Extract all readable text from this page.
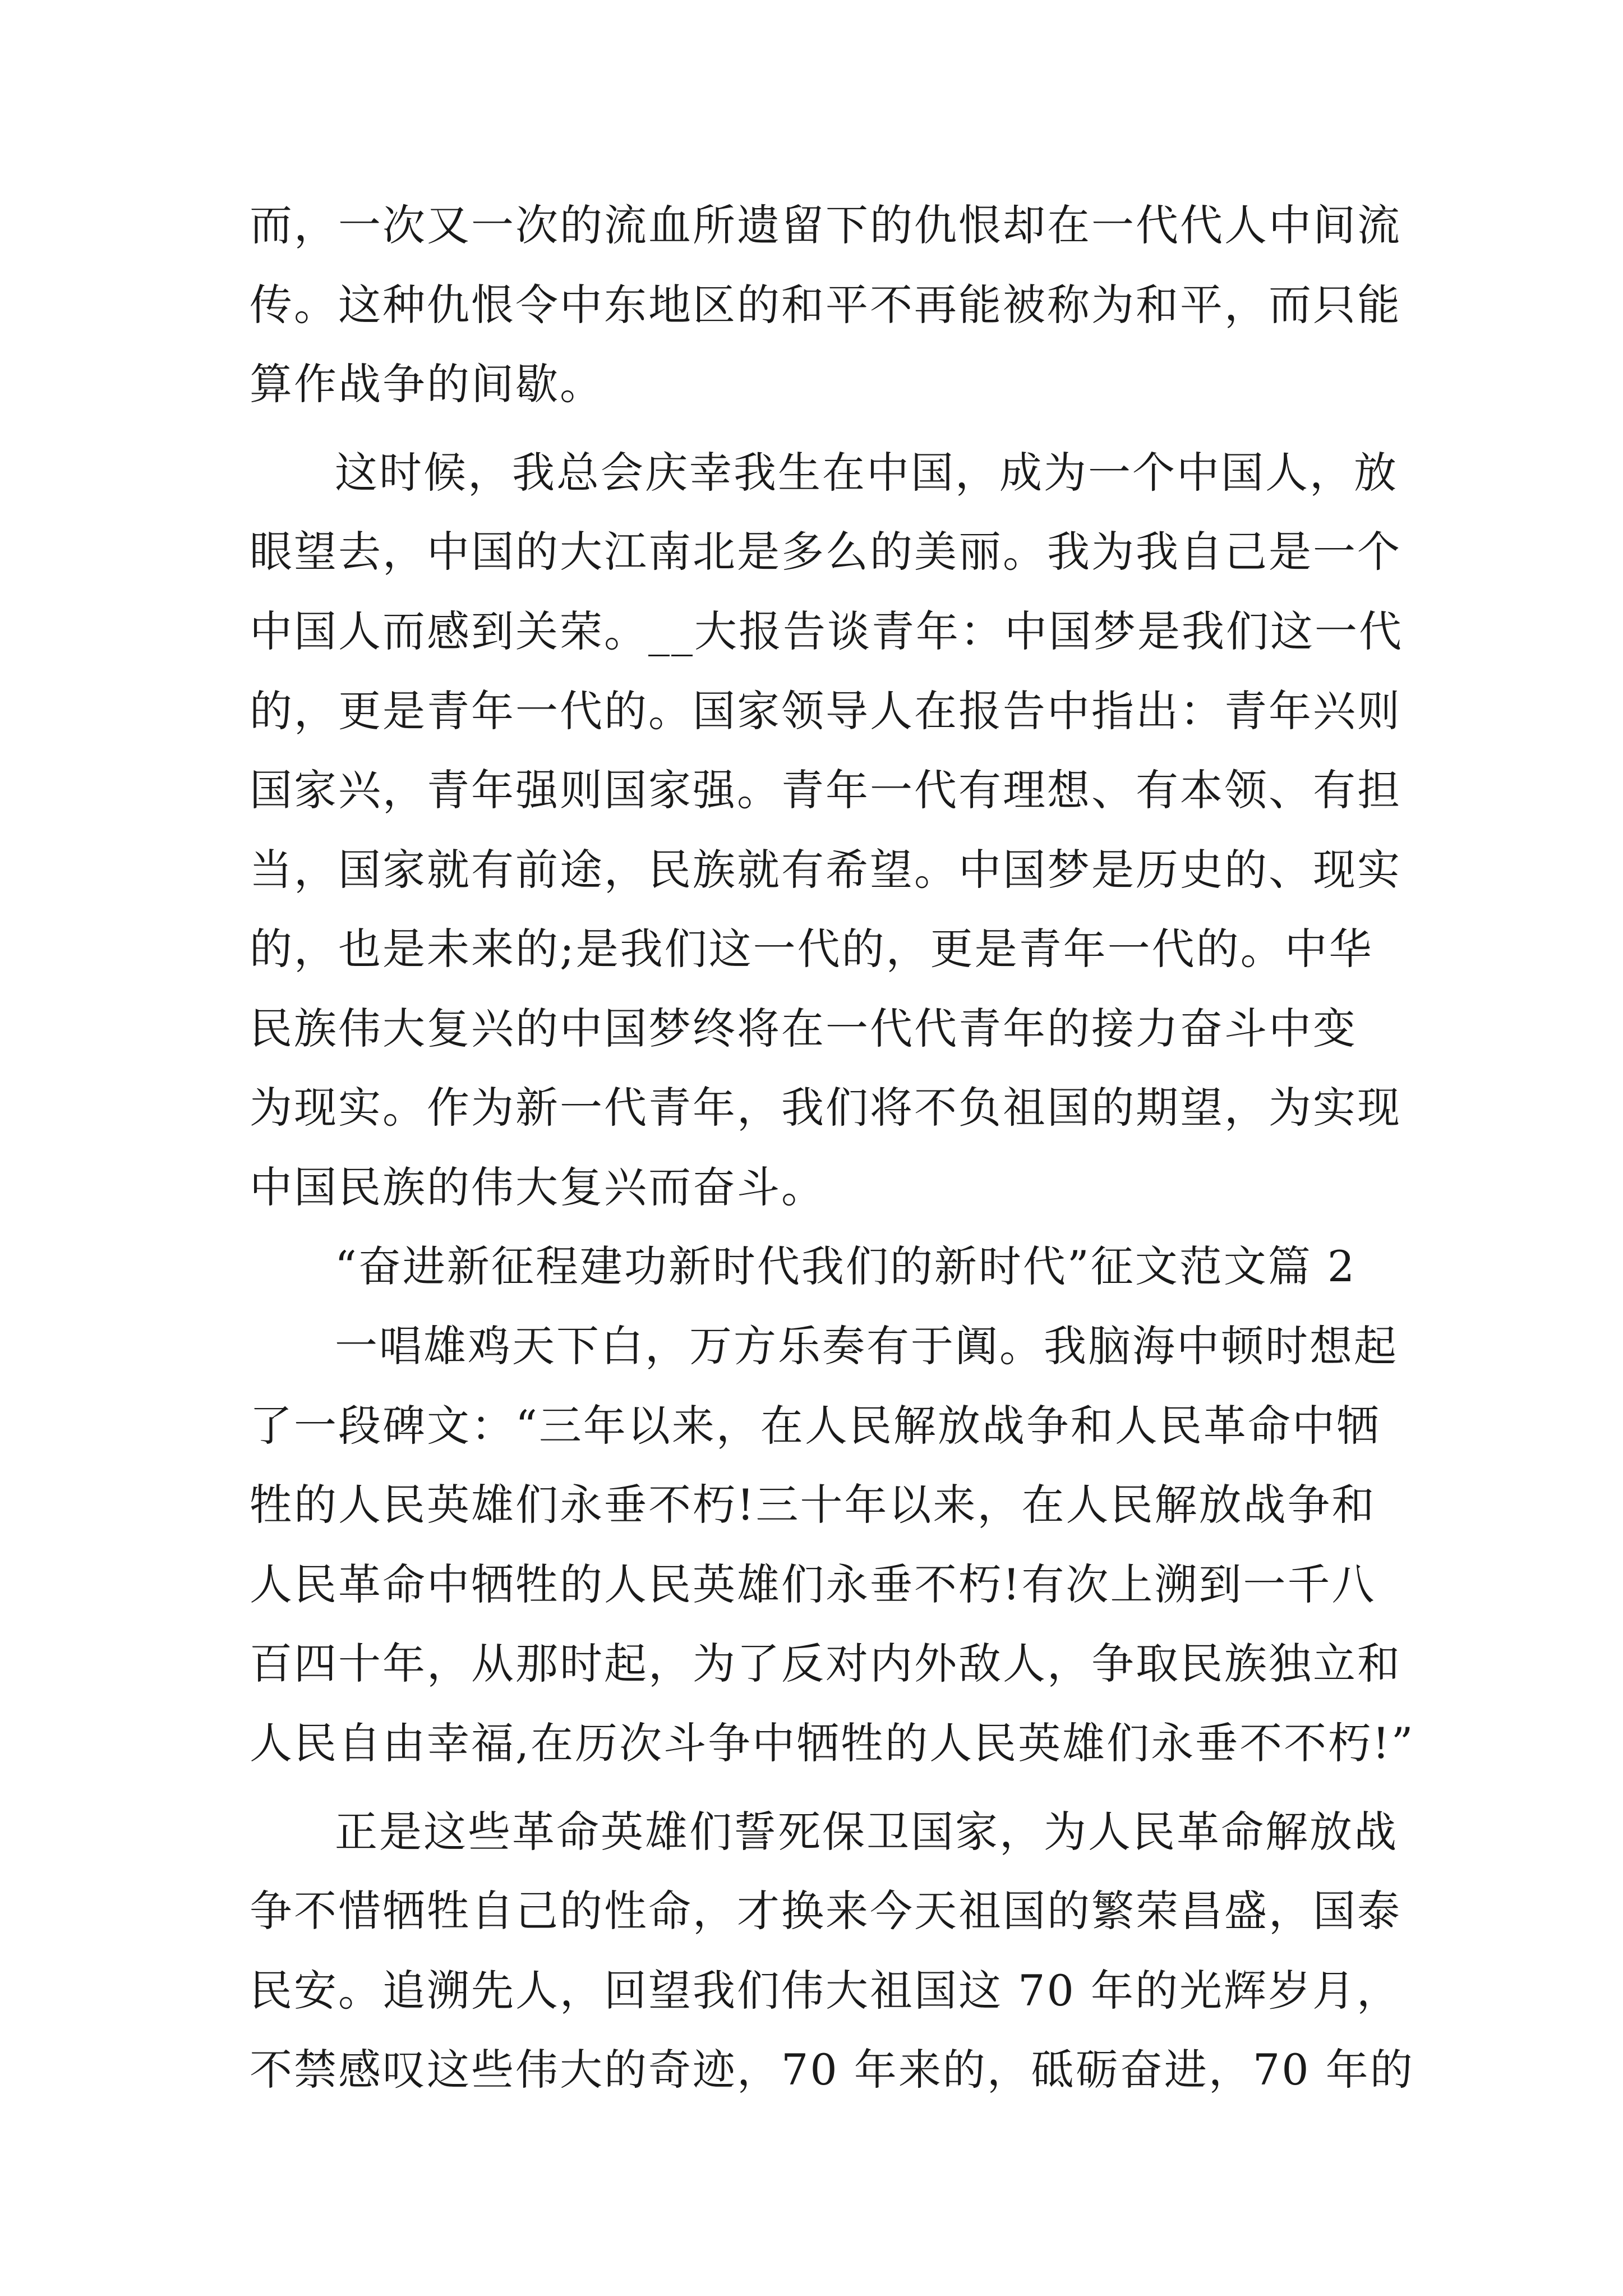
而，一次又一次的流血所遗留下的仇恨却在一代代人中间流
传。这种仇恨令中东地区的和平不再能被称为和平，而只能
算作战争的间歇。
这时候，我总会庆幸我生在中国，成为一个中国人，放
眼望去，中国的大江南北是多么的美丽。我为我自己是一个
中国人而感到关荣。__大报告谈青年：中国梦是我们这一代
的，更是青年一代的。国家领导人在报告中指出：青年兴则
国家兴，青年强则国家强。青年一代有理想、有本领、有担
当，国家就有前途，民族就有希望。中国梦是历史的、现实
的，也是未来的;是我们这一代的，更是青年一代的。中华
民族伟大复兴的中国梦终将在一代代青年的接力奋斗中变
为现实。作为新一代青年，我们将不负祖国的期望，为实现
中国民族的伟大复兴而奋斗。
“奋进新征程建功新时代我们的新时代”征文范文篇 2
一唱雄鸡天下白，万方乐奏有于阗。我脑海中顿时想起
了一段碑文：“三年以来，在人民解放战争和人民革命中牺
牲的人民英雄们永垂不朽!三十年以来，在人民解放战争和
人民革命中牺牲的人民英雄们永垂不朽!有次上溯到一千八
百四十年，从那时起，为了反对内外敌人，争取民族独立和
人民自由幸福,在历次斗争中牺牲的人民英雄们永垂不不朽!”
正是这些革命英雄们誓死保卫国家，为人民革命解放战
争不惜牺牲自己的性命，才换来今天祖国的繁荣昌盛，国泰
民安。追溯先人，回望我们伟大祖国这 70 年的光辉岁月，
不禁感叹这些伟大的奇迹，70 年来的，砥砺奋进，70 年的
